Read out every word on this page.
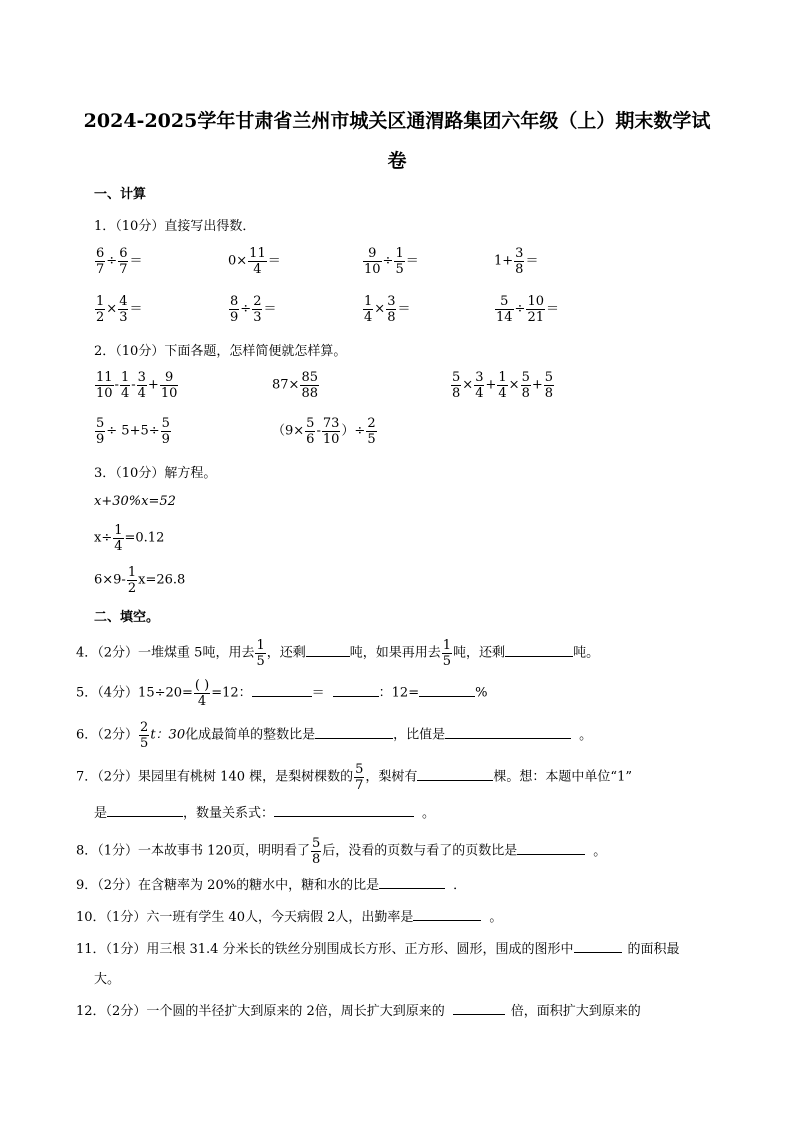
2024-2025学年甘肃省兰州市城关区通渭路集团六年级（上）期末数学试
卷
一、计算
1．（10分）直接写出得数．
$\frac{6}{7} \div \frac{6}{7}$ ＝	$0\times \frac{11}{4}$ ＝	$\frac{9}{10} \div \frac{1}{5}$ ＝	$1+ \frac{3}{8}$ ＝
$\frac{1}{2} \times \frac{4}{3}$ ＝	$\frac{8}{9} \div \frac{2}{3}$ ＝	$\frac{1}{4} \times \frac{3}{8}$ ＝	$\frac{5}{14} \div \frac{10}{21}$ ＝
2．（10分）下面各题，怎样简便就怎样算。
$\frac{11}{10} - \frac{1}{4} - \frac{3}{4} + \frac{9}{10}$	$87\times \frac{85}{88}$	$\frac{5}{8} \times \frac{3}{4} + \frac{1}{4} \times \frac{5}{8} + \frac{5}{8}$
$\frac{5}{9} \div 5+5\div \frac{5}{9}$	（$9\times \frac{5}{6} - \frac{73}{10}$ ）÷ $\frac{2}{5}$
3．（10分）解方程。
x+30%x=52
$x\div \frac{1}{4} =0.12$
$6\times 9- \frac{1}{2} x=26.8$
二、填空。
4．（2分）一堆煤重 5吨，用去 $\frac{1}{5}$ ，还剩	吨，如果再用去 $\frac{1}{5}$ 吨，还剩	吨。
5．（4分）$15\div 20= \frac{( )}{4} =12$：	＝	：12=	%
6．（2分） $\frac{2}{5}$ t：30化成最简单的整数比是	，比值是	。
7．（2分）果园里有桃树 140 棵，是梨树棵数的 $\frac{5}{7}$ ，梨树有	棵。想：本题中单位“1”
是	，数量关系式：	。
8．（1分）一本故事书 120页，明明看了 $\frac{5}{8}$ 后，没看的页数与看了的页数比是	。
9．（2分）在含糖率为 20%的糖水中，糖和水的比是	．
10．（1分）六一班有学生 40人，今天病假 2人，出勤率是	。
11．（1分）用三根 31.4 分米长的铁丝分别围成长方形、正方形、圆形，围成的图形中	的面积最
大。
12．（2分）一个圆的半径扩大到原来的 2倍，周长扩大到原来的	倍，面积扩大到原来的
